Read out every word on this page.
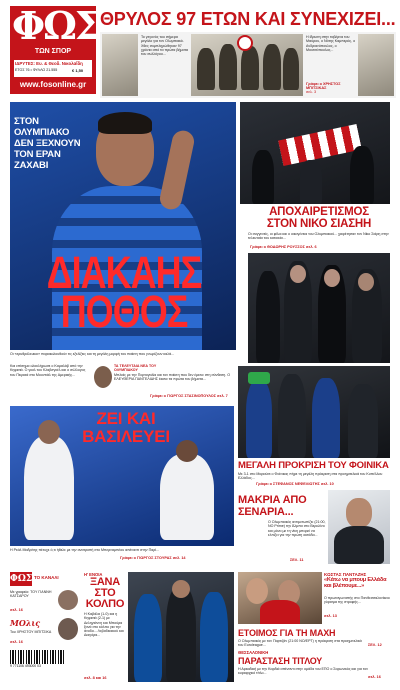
ΦΩΣ
ΤΩΝ ΣΠΟΡ
ΙΔΡΥΤΕΣ: Ευ. & Θεοδ. Νικολαΐδη
ΕΤΟΣ 76 • ΦΥΛΛΟ 21.555	€ 1,50
www.fosonline.gr
ΘΡΥΛΟΣ 97 ΕΤΩΝ ΚΑΙ ΣΥΝΕΧΙΖΕΙ...
Το γεγονός του σήμερα μεγάλο για τον Ολυμπιακό. Χθες συμπληρώθηκαν 97 χρόνια από τα πρώτα βήματα του συλλόγου...
Η ίδρυση στην ταβέρνα του Μαύρου, ο Νότης Καμπερός, ο Ανδριανόπουλος, ο Μουτσόπουλος...
Γράφει ο ΧΡΗΣΤΟΣ ΜΠΙΤΣΙΚΑΣ
σελ. 3
ΣΤΟΝ
ΟΛΥΜΠΙΑΚΟ
ΔΕΝ ΞΕΧΝΟΥΝ
ΤΟΝ ΕΡΑΝ
ΖΑΧΑΒΙ
ΔΙΑΚΑΗΣ
ΠΟΘΟΣ
Οι «ερυθρόλευκοι» παρακολουθούν τις εξελίξεις και τη μεγάλη μορφή του παίκτη που γνωρίζουν καλά...
Και επίσημα ολοκλήρωσε ο Καμαλάβ από την Κηφισιά. Ο γκολ του Κλαβσγκέλ και ο σύλλογος του Πειραιά στο Μουντιάλ της Αμερικής...
ΤΑ ΤΕΛΕΥΤΑΙΑ ΝΕΑ ΤΟΥ ΟΛΥΜΠΙΑΚΟΥ
Μπλιάς με την Πορτογαλία και τον παίκτη που δεν έμεινε στη σύνθεση. Ο ΕΛΕΥΘΕΡΙΑ ΠΑΝΤΕΛΙΔΗΣ έκανε τα πρώτα του βήματα...
Γράφει ο ΓΙΩΡΓΟΣ ΣΤΑΣΙΝΟΠΟΥΛΟΣ σελ. 7
ΑΠΟΧΑΙΡΕΤΙΣΜΟΣ
ΣΤΟΝ ΝΙΚΟ ΣΙΑΣΗΗ
Οι συγγενείς, οι φίλοι και ο οικογένεια του Ολυμπιακού... χαιρέτησαν τον Νίκο Σιάρη στην τελευταία του κατοικία...
Γράφει ο ΘΟΔΩΡΗΣ ΡΟΥΣΣΟΣ σελ. 6
ΖΕΙ ΚΑΙ
ΒΑΣΙΛΕΥΕΙ
Η Ρεάλ Μαδρίτης πέτυχε ό,τι ήθελε με την ανατροπή στο Μπερναμπέου απέναντι στην Παρί...
Γράφει ο ΓΙΩΡΓΟΣ ΣΤΟΥΡΑΣ σελ. 14
ΜΕΓΑΛΗ ΠΡΟΚΡΙΣΗ ΤΟΥ ΦΟΙΝΙΚΑ
Με 3-1 στο Μαρούσι ο Φοίνικας πήρε τη μεγάλη πρόκριση στα προημιτελικά του Κυπέλλου Ελλάδος...
Γράφει ο ΣΤΕΦΑΝΟΣ ΝΕΦΕΛΙΩΤΗΣ σελ. 10
ΜΑΚΡΙΑ ΑΠΟ
ΣΕΝΑΡΙΑ...
Ο Ολυμπιακός αντιμετωπίζει (21:00, ΝΟ Prime) την Άλμπα στο Βερολίνο και μόνο με τη νίκη μπορεί να ελπίζει για την πρώτη οκτάδα...
ΣΕΛ. 11
ΦΩΣ ΤΟ ΚΑΝΑΛΙ
Με γραφείο: ΤΟΥ ΓΙΑΝΝΗ ΚΑΤΣΑΡΟΥ
σελ. 16
ΜΟλις
Του ΧΡΗΣΤΟΥ ΜΠΙΤΣΙΚΑ
σελ. 16
9 771106 493000 03
Η' ΕΝΟΙΑ
ΞΑΝΑ
ΣΤΟ
ΚΟΛΠΟ
Η Καβάλα (1-0) και η Κηφισιά (2-1) με Δεληγιάννη και Μπούρα ξανά στο κόλπο για την άνοδο... Λεβαδειακού και Διαγόρα...
σελ. 8 και 16
ΚΩΣΤΑΣ ΠΑΝΤΑΖΗΣ
«Κάτω να μπουμ Ελλάδα και βλέπουμε...»
Ο πρωταγωνιστής στο Πανθεσσαλονίκειο γύρισμα της στροφής...
σελ. 13
ΕΤΟΙΜΟΣ ΓΙΑ ΤΗ ΜΑΧΗ
Ο Ολυμπιακός με τον Παρτιζάν (21:00 ΝΟ/ΕΡΤ) η πρόκριση στα προημιτελικά του Euroleague...	ΣΕΛ. 12
ΘΕΣΣΑΛΟΝΙΚΗ
ΠΑΡΑΣΤΑΣΗ ΤΙΤΛΟΥ
Η Αρκαδική με την Καρδιά απέναντι στην ομάδα του ΕΠΟ ο Σαρωνικός και για τον κυριαρχικό τίτλο...
σελ. 16
